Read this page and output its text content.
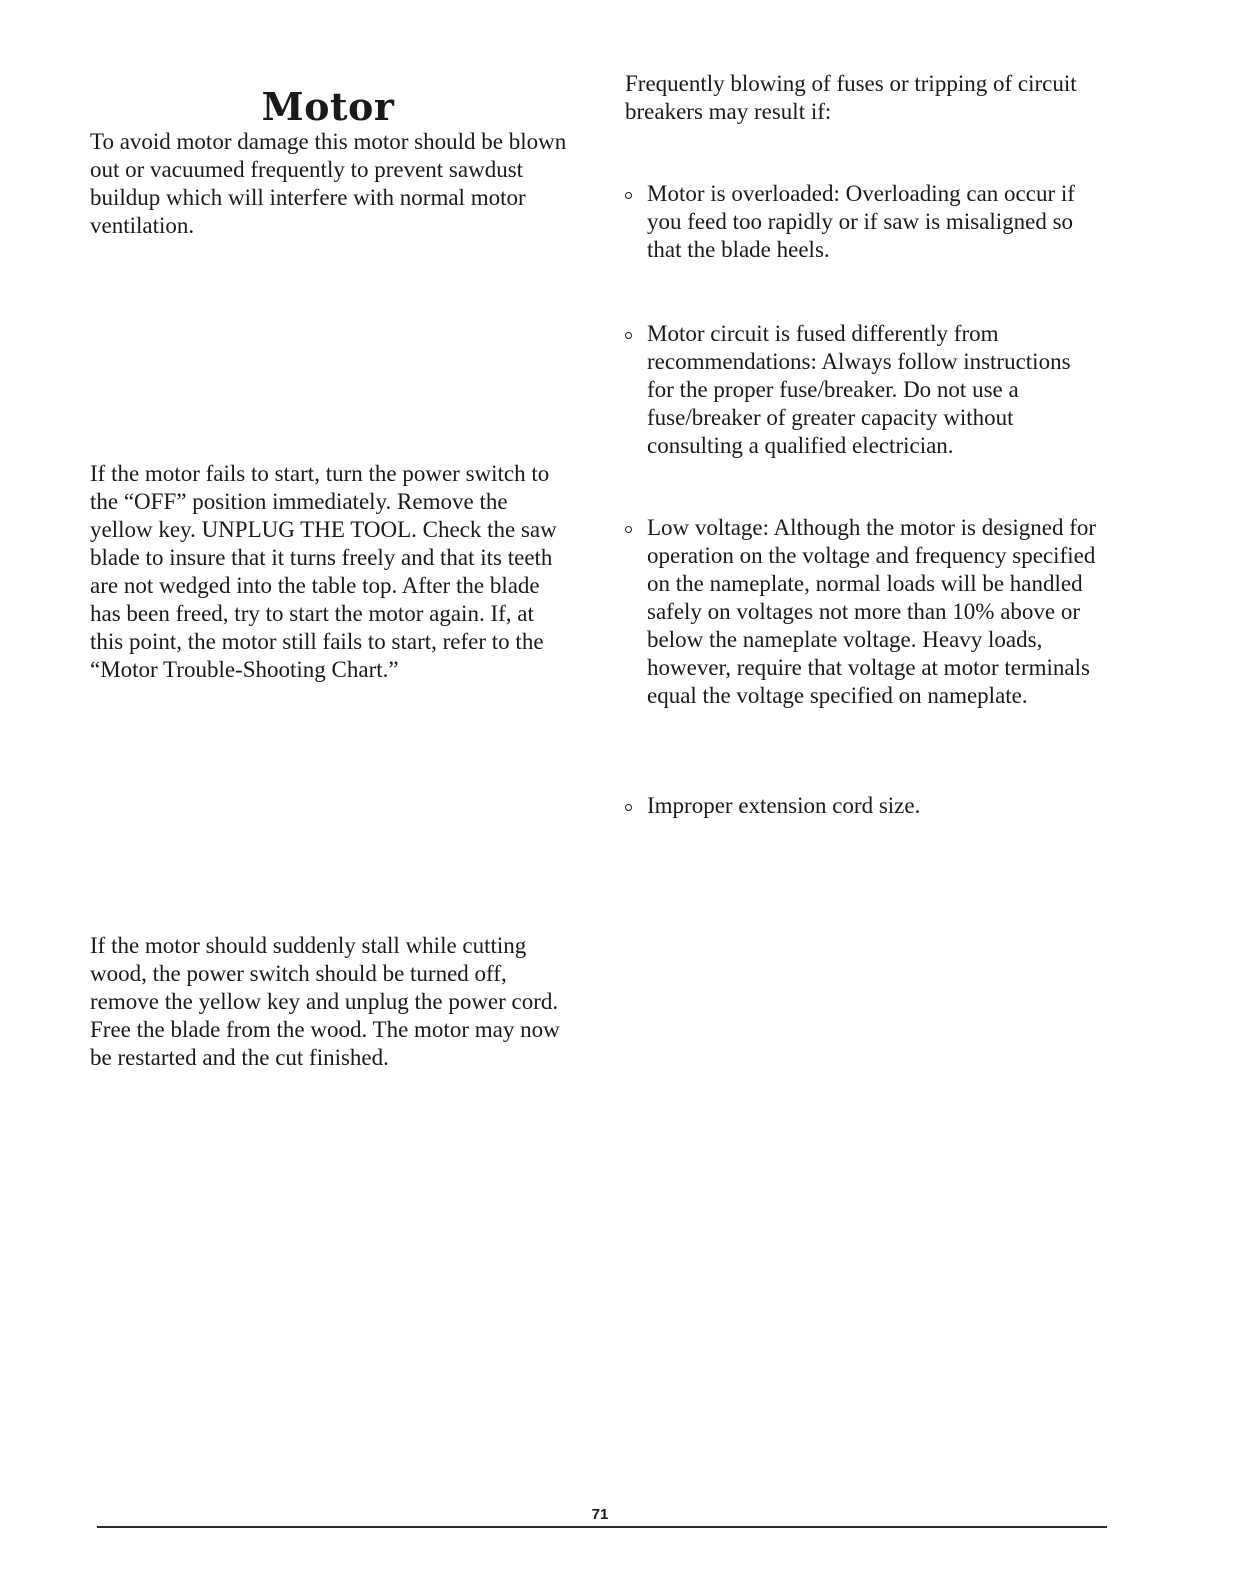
Motor

To avoid motor damage this motor should be blown out or vacuumed frequently to prevent sawdust buildup which will interfere with normal motor ventilation.

If the motor fails to start, turn the power switch to the “OFF” position immediately. Remove the yellow key. UNPLUG THE TOOL. Check the saw blade to insure that it turns freely and that its teeth are not wedged into the table top. After the blade has been freed, try to start the motor again. If, at this point, the motor still fails to start, refer to the “Motor Trouble-Shooting Chart.”

If the motor should suddenly stall while cutting wood, the power switch should be turned off, remove the yellow key and unplug the power cord. Free the blade from the wood. The motor may now be restarted and the cut finished.

Frequently blowing of fuses or tripping of circuit breakers may result if:

Motor is overloaded: Overloading can occur if you feed too rapidly or if saw is misaligned so that the blade heels.
Motor circuit is fused differently from recommendations: Always follow instructions for the proper fuse/breaker. Do not use a fuse/breaker of greater capacity without consulting a qualified electrician.
Low voltage: Although the motor is designed for operation on the voltage and frequency specified on the nameplate, normal loads will be handled safely on voltages not more than 10% above or below the nameplate voltage. Heavy loads, however, require that voltage at motor terminals equal the voltage specified on nameplate.
Improper extension cord size.
71
